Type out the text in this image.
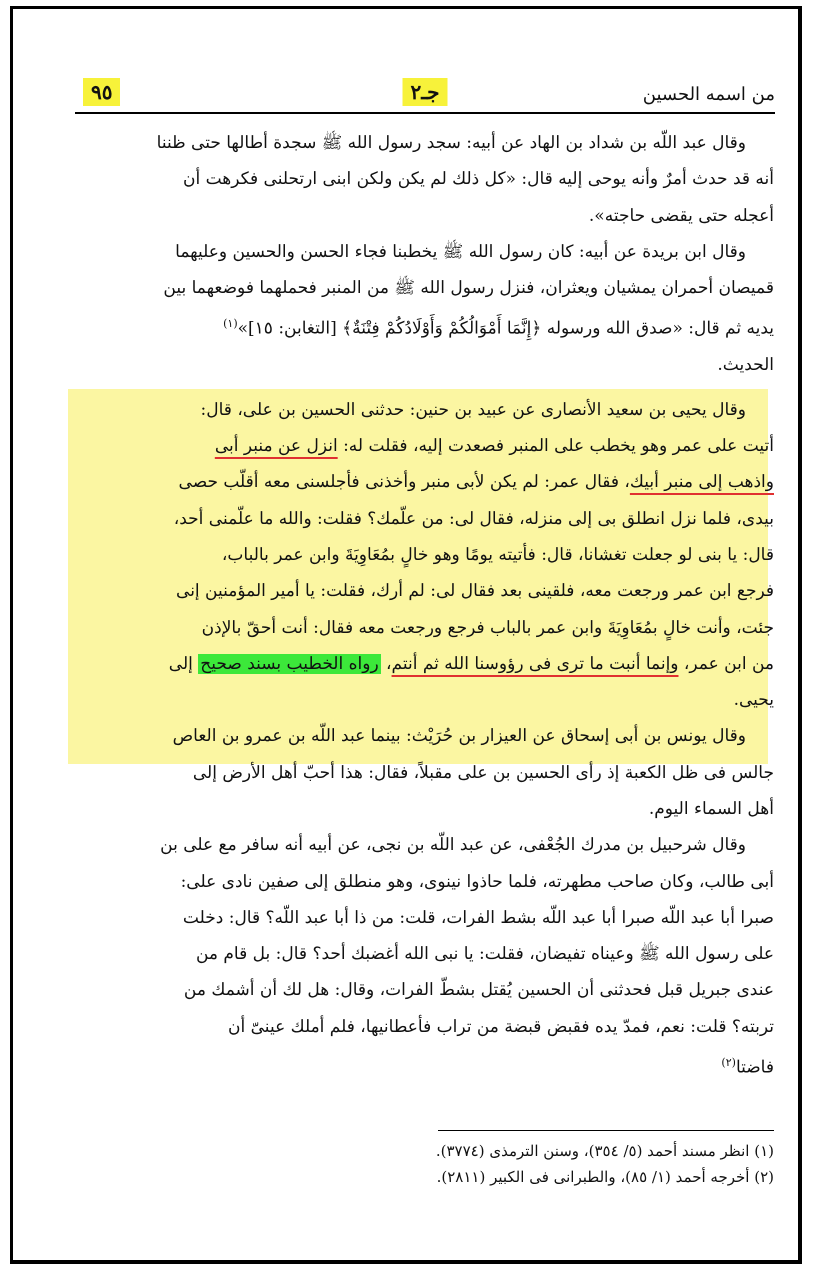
من اسمه الحسين
جـ٢
٩٥

وقال عبد اللّه بن شداد بن الهاد عن أبيه: سجد رسول الله ﷺ سجدة أطالها حتى ظننا

أنه قد حدث أمرٌ وأنه يوحى إليه قال: «كل ذلك لم يكن ولكن ابنى ارتحلنى فكرهت أن

أعجله حتى يقضى حاجته».

وقال ابن بريدة عن أبيه: كان رسول الله ﷺ يخطبنا فجاء الحسن والحسين وعليهما

قميصان أحمران يمشيان ويعثران، فنزل رسول الله ﷺ من المنبر فحملهما فوضعهما بين

يديه ثم قال: «صدق الله ورسوله ﴿إِنَّمَا أَمْوَالُكُمْ وَأَوْلَادُكُمْ فِتْنَةٌ﴾ [التغابن: ١٥]»$^{(١)}$

الحديث.

وقال يحيى بن سعيد الأنصارى عن عبيد بن حنين: حدثنى الحسين بن على، قال:

أتيت على عمر وهو يخطب على المنبر فصعدت إليه، فقلت له: انزل عن منبر أبى

واذهب إلى منبر أبيك، فقال عمر: لم يكن لأبى منبر وأخذنى فأجلسنى معه أقلّب حصى

بيدى، فلما نزل انطلق بى إلى منزله، فقال لى: من علّمك؟ فقلت: والله ما علّمنى أحد،

قال: يا بنى لو جعلت تغشانا، قال: فأتيته يومًا وهو خالٍ بمُعَاوِيَةَ وابن عمر بالباب،

فرجع ابن عمر ورجعت معه، فلقينى بعد فقال لى: لم أرك، فقلت: يا أمير المؤمنين إنى

جئت، وأنت خالٍ بمُعَاوِيَةَ وابن عمر بالباب فرجع ورجعت معه فقال: أنت أحقّ بالإذن

من ابن عمر، وإنما أنبت ما ترى فى رؤوسنا الله ثم أنتم، رواه الخطيب بسند صحيح إلى

يحيى.

وقال يونس بن أبى إسحاق عن العيزار بن حُرَيْث: بينما عبد اللّه بن عمرو بن العاص

جالس فى ظل الكعبة إذ رأى الحسين بن على مقبلاً، فقال: هذا أحبّ أهل الأرض إلى

أهل السماء اليوم.

وقال شرحبيل بن مدرك الجُعْفى، عن عبد اللّه بن نجى، عن أبيه أنه سافر مع على بن

أبى طالب، وكان صاحب مطهرته، فلما حاذوا نينوى، وهو منطلق إلى صفين نادى على:

صبرا أبا عبد اللّه صبرا أبا عبد اللّه بشط الفرات، قلت: من ذا أبا عبد اللّه؟ قال: دخلت

على رسول الله ﷺ وعيناه تفيضان، فقلت: يا نبى الله أغضبك أحد؟ قال: بل قام من

عندى جبريل قبل فحدثنى أن الحسين يُقتل بشطّ الفرات، وقال: هل لك أن أشمك من

تربته؟ قلت: نعم، فمدّ يده فقبض قبضة من تراب فأعطانيها، فلم أملك عينىّ أن

فاضتا$^{(٢)}$

(١) انظر مسند أحمد (٥/ ٣٥٤)، وسنن الترمذى (٣٧٧٤).

(٢) أخرجه أحمد (١/ ٨٥)، والطبرانى فى الكبير (٢٨١١).
